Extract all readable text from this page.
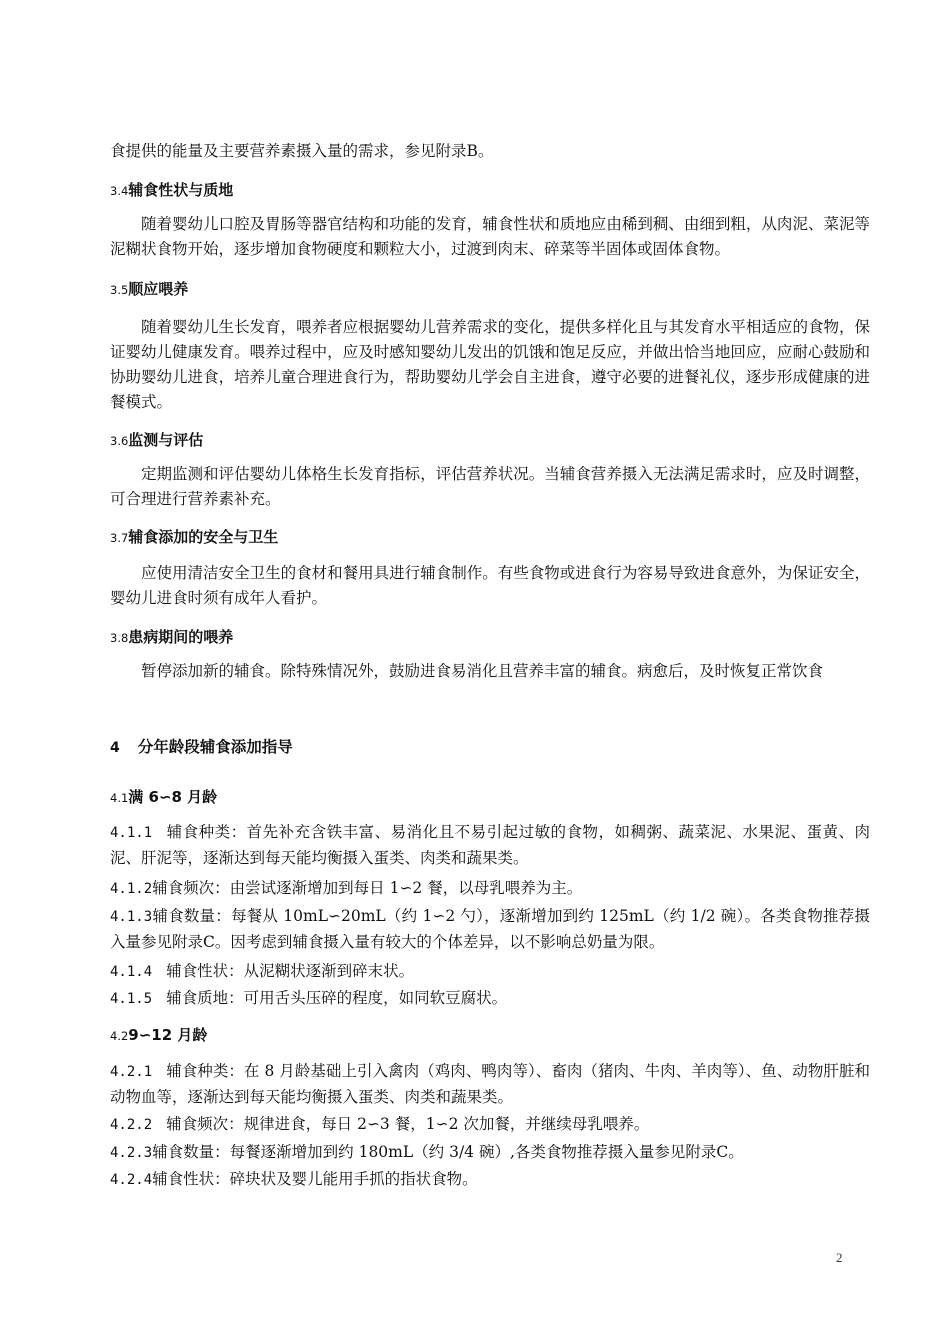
食提供的能量及主要营养素摄入量的需求，参见附录B。
3.4辅食性状与质地

随着婴幼儿口腔及胃肠等器官结构和功能的发育，辅食性状和质地应由稀到稠、由细到粗，从肉泥、菜泥等泥糊状食物开始，逐步增加食物硬度和颗粒大小，过渡到肉末、碎菜等半固体或固体食物。

3.5顺应喂养

随着婴幼儿生长发育，喂养者应根据婴幼儿营养需求的变化，提供多样化且与其发育水平相适应的食物，保证婴幼儿健康发育。喂养过程中，应及时感知婴幼儿发出的饥饿和饱足反应，并做出恰当地回应，应耐心鼓励和协助婴幼儿进食，培养儿童合理进食行为，帮助婴幼儿学会自主进食，遵守必要的进餐礼仪，逐步形成健康的进餐模式。

3.6监测与评估

定期监测和评估婴幼儿体格生长发育指标，评估营养状况。当辅食营养摄入无法满足需求时，应及时调整，可合理进行营养素补充。

3.7辅食添加的安全与卫生

应使用清洁安全卫生的食材和餐用具进行辅食制作。有些食物或进食行为容易导致进食意外，为保证安全，婴幼儿进食时须有成年人看护。

3.8患病期间的喂养

暂停添加新的辅食。除特殊情况外，鼓励进食易消化且营养丰富的辅食。病愈后，及时恢复正常饮食

4 分年龄段辅食添加指导
4.1满 6∽8 月龄

4.1.1 辅食种类：首先补充含铁丰富、易消化且不易引起过敏的食物，如稠粥、蔬菜泥、水果泥、蛋黄、肉泥、肝泥等，逐渐达到每天能均衡摄入蛋类、肉类和蔬果类。

4.1.2辅食频次：由尝试逐渐增加到每日 1∽2 餐，以母乳喂养为主。

4.1.3辅食数量：每餐从 10mL∽20mL（约 1∽2 勺），逐渐增加到约 125mL（约 1/2 碗）。各类食物推荐摄入量参见附录C。因考虑到辅食摄入量有较大的个体差异，以不影响总奶量为限。

4.1.4 辅食性状：从泥糊状逐渐到碎末状。

4.1.5 辅食质地：可用舌头压碎的程度，如同软豆腐状。

4.29∽12 月龄

4.2.1 辅食种类：在 8 月龄基础上引入禽肉（鸡肉、鸭肉等）、畜肉（猪肉、牛肉、羊肉等）、鱼、动物肝脏和动物血等，逐渐达到每天能均衡摄入蛋类、肉类和蔬果类。

4.2.2 辅食频次：规律进食，每日 2∽3 餐，1∽2 次加餐，并继续母乳喂养。

4.2.3辅食数量：每餐逐渐增加到约 180mL（约 3/4 碗）,各类食物推荐摄入量参见附录C。

4.2.4辅食性状：碎块状及婴儿能用手抓的指状食物。

2
